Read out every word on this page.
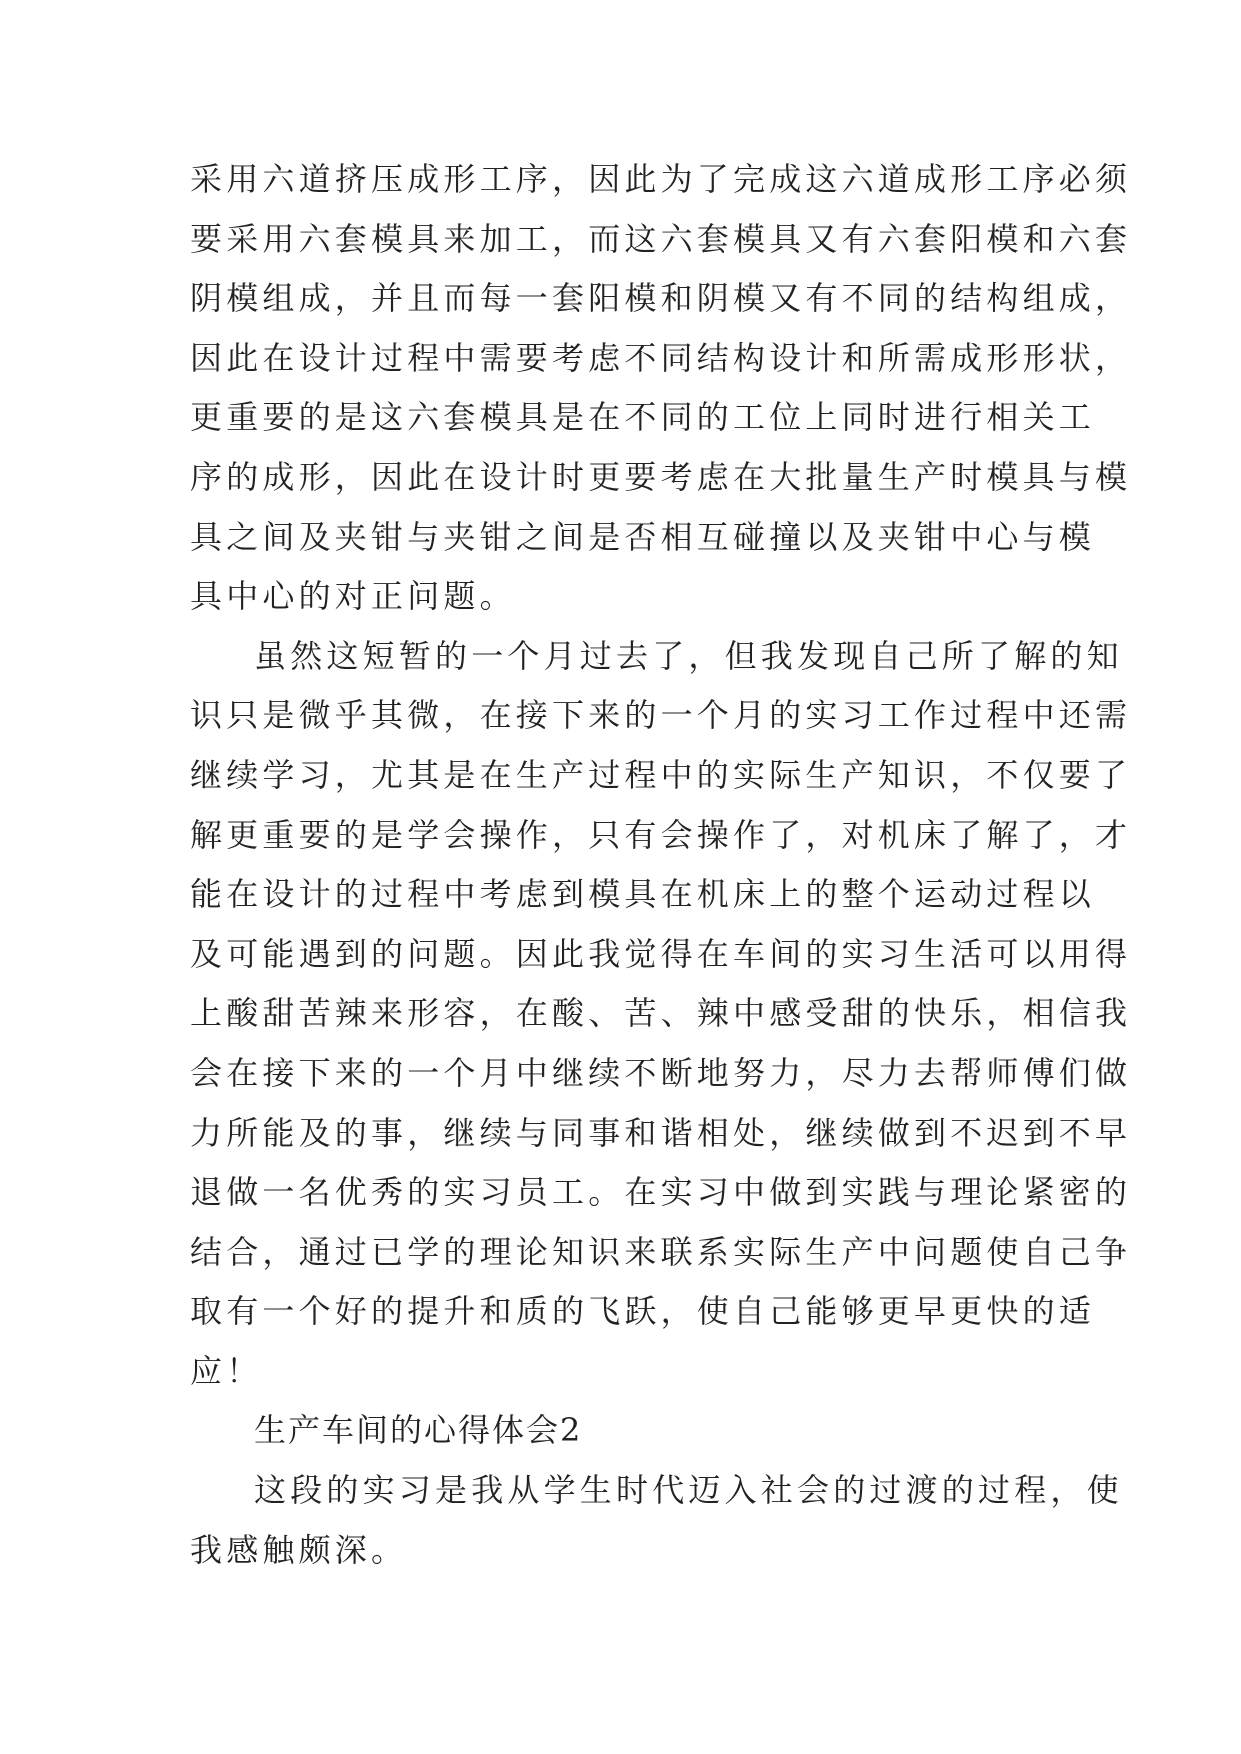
采用六道挤压成形工序，因此为了完成这六道成形工序必须
要采用六套模具来加工，而这六套模具又有六套阳模和六套
阴模组成，并且而每一套阳模和阴模又有不同的结构组成，
因此在设计过程中需要考虑不同结构设计和所需成形形状，
更重要的是这六套模具是在不同的工位上同时进行相关工
序的成形，因此在设计时更要考虑在大批量生产时模具与模
具之间及夹钳与夹钳之间是否相互碰撞以及夹钳中心与模
具中心的对正问题。
虽然这短暂的一个月过去了，但我发现自己所了解的知
识只是微乎其微，在接下来的一个月的实习工作过程中还需
继续学习，尤其是在生产过程中的实际生产知识，不仅要了
解更重要的是学会操作，只有会操作了，对机床了解了，才
能在设计的过程中考虑到模具在机床上的整个运动过程以
及可能遇到的问题。因此我觉得在车间的实习生活可以用得
上酸甜苦辣来形容，在酸、苦、辣中感受甜的快乐，相信我
会在接下来的一个月中继续不断地努力，尽力去帮师傅们做
力所能及的事，继续与同事和谐相处，继续做到不迟到不早
退做一名优秀的实习员工。在实习中做到实践与理论紧密的
结合，通过已学的理论知识来联系实际生产中问题使自己争
取有一个好的提升和质的飞跃，使自己能够更早更快的适
应！
生产车间的心得体会2
这段的实习是我从学生时代迈入社会的过渡的过程，使
我感触颇深。
